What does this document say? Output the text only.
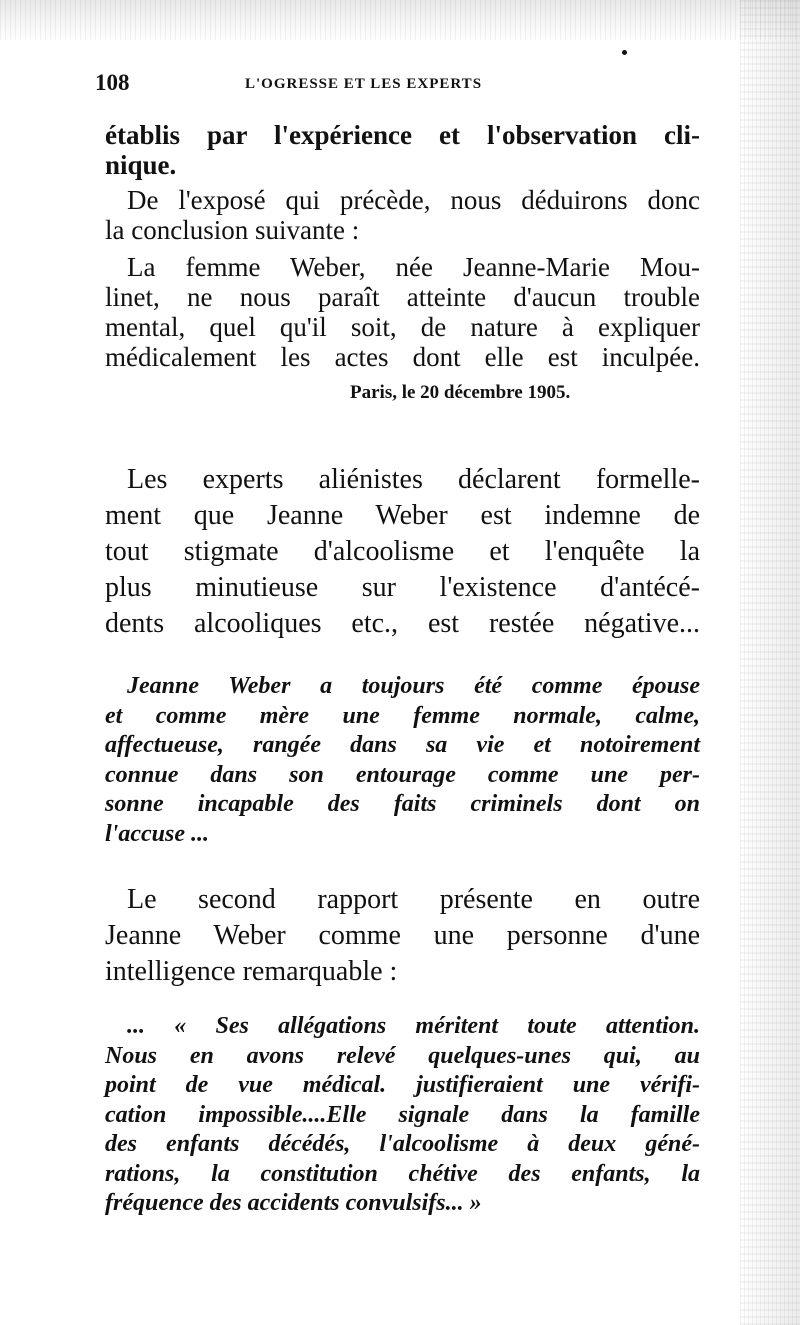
108	L'OGRESSE ET LES EXPERTS

établis par l'expérience et l'observation cli-
nique.

De l'exposé qui précède, nous déduirons donc
la conclusion suivante :

La femme Weber, née Jeanne-Marie Mou-
linet, ne nous paraît atteinte d'aucun trouble
mental, quel qu'il soit, de nature à expliquer
médicalement les actes dont elle est inculpée.

Paris, le 20 décembre 1905.

Les experts aliénistes déclarent formelle-
ment que Jeanne Weber est indemne de
tout stigmate d'alcoolisme et l'enquête la
plus minutieuse sur l'existence d'antécé-
dents alcooliques etc., est restée négative...

Jeanne Weber a toujours été comme épouse
et comme mère une femme normale, calme,
affectueuse, rangée dans sa vie et notoirement
connue dans son entourage comme une per-
sonne incapable des faits criminels dont on
l'accuse ...

Le second rapport présente en outre
Jeanne Weber comme une personne d'une
intelligence remarquable :

... « Ses allégations méritent toute attention.
Nous en avons relevé quelques-unes qui, au
point de vue médical. justifieraient une vérifi-
cation impossible....Elle signale dans la famille
des enfants décédés, l'alcoolisme à deux géné-
rations, la constitution chétive des enfants, la
fréquence des accidents convulsifs... »
